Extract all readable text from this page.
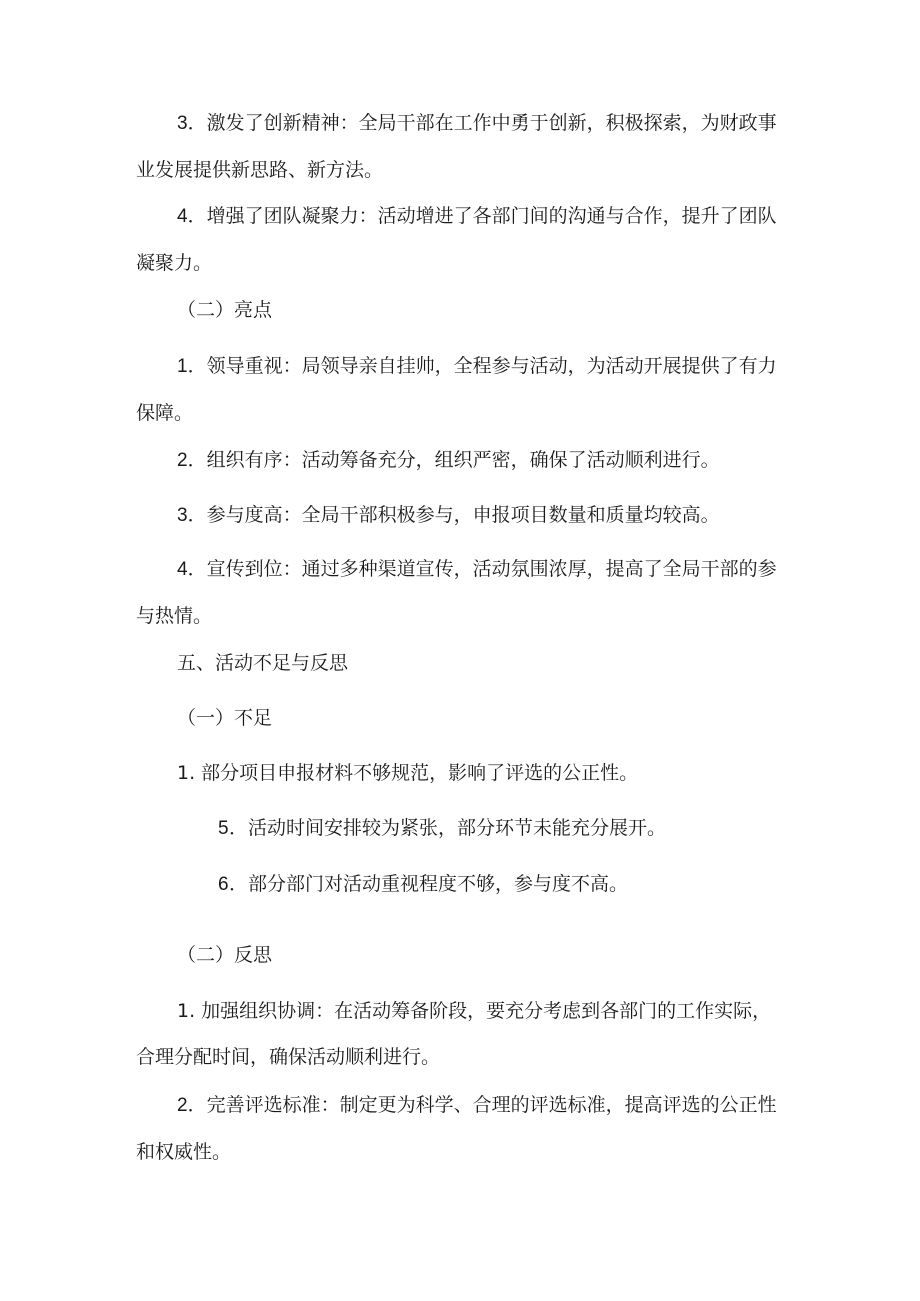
3．激发了创新精神：全局干部在工作中勇于创新，积极探索，为财政事业发展提供新思路、新方法。

4．增强了团队凝聚力：活动增进了各部门间的沟通与合作，提升了团队凝聚力。

（二）亮点

1．领导重视：局领导亲自挂帅，全程参与活动，为活动开展提供了有力保障。

2．组织有序：活动筹备充分，组织严密，确保了活动顺利进行。

3．参与度高：全局干部积极参与，申报项目数量和质量均较高。

4．宣传到位：通过多种渠道宣传，活动氛围浓厚，提高了全局干部的参与热情。

五、活动不足与反思

（一）不足

1. 部分项目申报材料不够规范，影响了评选的公正性。

5．活动时间安排较为紧张，部分环节未能充分展开。

6．部分部门对活动重视程度不够，参与度不高。

（二）反思

1. 加强组织协调：在活动筹备阶段，要充分考虑到各部门的工作实际，合理分配时间，确保活动顺利进行。

2．完善评选标准：制定更为科学、合理的评选标准，提高评选的公正性和权威性。
